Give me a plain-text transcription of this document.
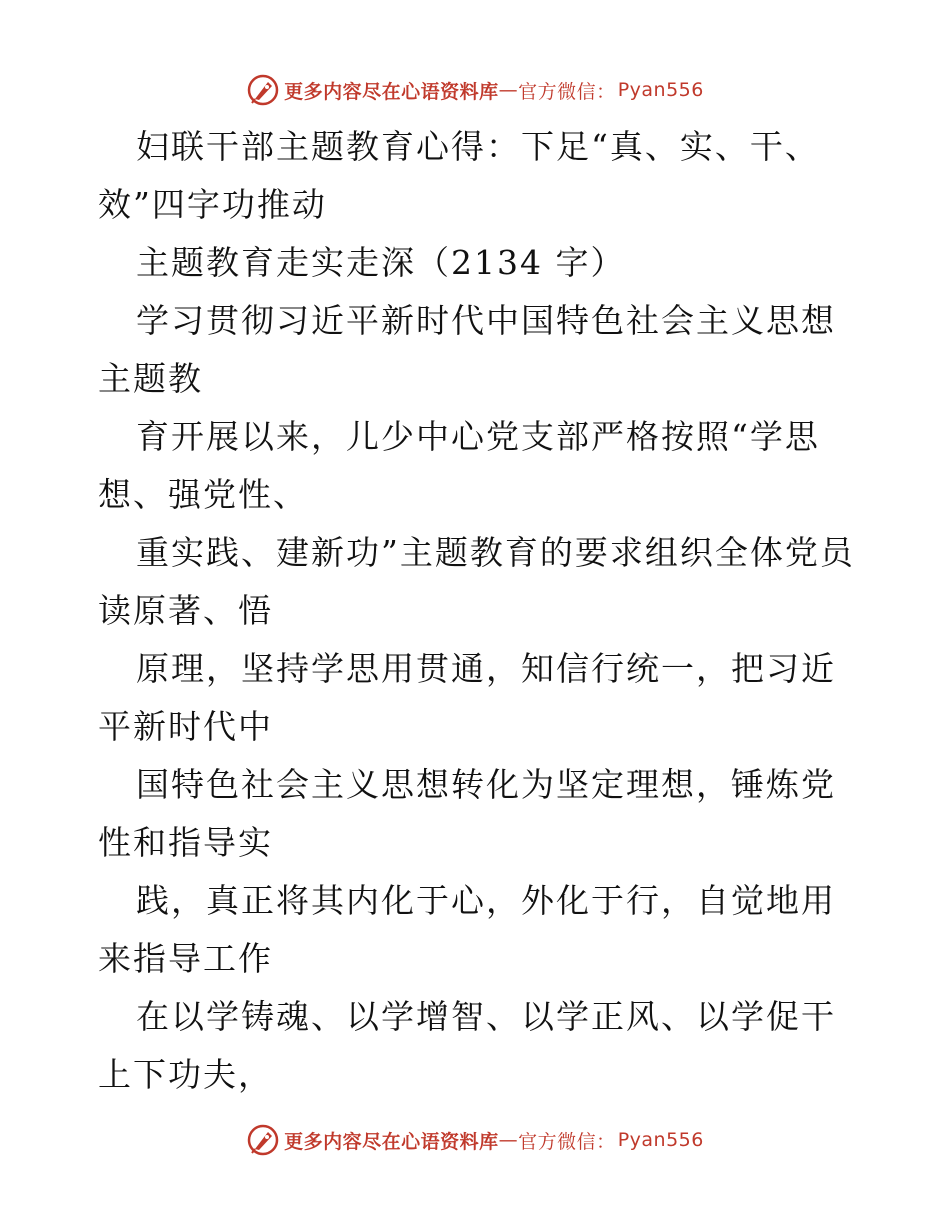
更多内容尽在心语资料库 — 官方微信： Pyan556

妇联干部主题教育心得：下足“真、实、干、效”四字功推动

主题教育走实走深（2134 字）

学习贯彻习近平新时代中国特色社会主义思想主题教

育开展以来，儿少中心党支部严格按照“学思想、强党性、

重实践、建新功”主题教育的要求组织全体党员读原著、悟

原理，坚持学思用贯通，知信行统一，把习近平新时代中

国特色社会主义思想转化为坚定理想，锤炼党性和指导实

践，真正将其内化于心，外化于行，自觉地用来指导工作

在以学铸魂、以学增智、以学正风、以学促干上下功夫，

更多内容尽在心语资料库 — 官方微信： Pyan556
